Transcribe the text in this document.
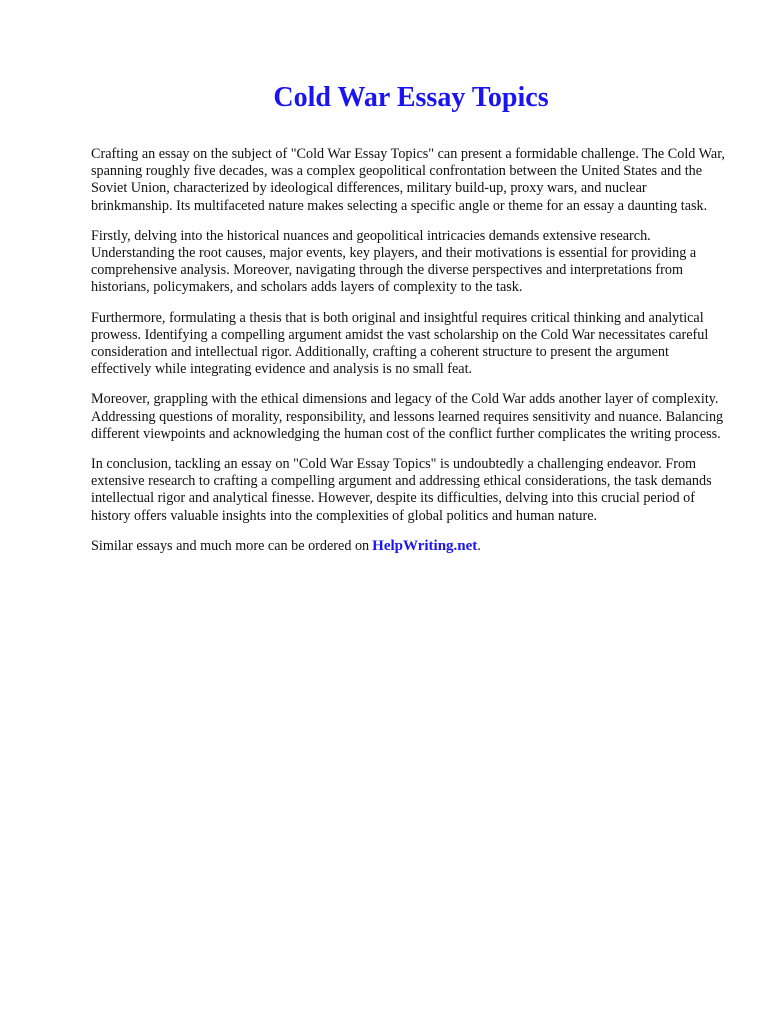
Cold War Essay Topics

Crafting an essay on the subject of "Cold War Essay Topics" can present a formidable challenge. The Cold War, spanning roughly five decades, was a complex geopolitical confrontation between the United States and the Soviet Union, characterized by ideological differences, military build-up, proxy wars, and nuclear brinkmanship. Its multifaceted nature makes selecting a specific angle or theme for an essay a daunting task.

Firstly, delving into the historical nuances and geopolitical intricacies demands extensive research. Understanding the root causes, major events, key players, and their motivations is essential for providing a comprehensive analysis. Moreover, navigating through the diverse perspectives and interpretations from historians, policymakers, and scholars adds layers of complexity to the task.

Furthermore, formulating a thesis that is both original and insightful requires critical thinking and analytical prowess. Identifying a compelling argument amidst the vast scholarship on the Cold War necessitates careful consideration and intellectual rigor. Additionally, crafting a coherent structure to present the argument effectively while integrating evidence and analysis is no small feat.

Moreover, grappling with the ethical dimensions and legacy of the Cold War adds another layer of complexity. Addressing questions of morality, responsibility, and lessons learned requires sensitivity and nuance. Balancing different viewpoints and acknowledging the human cost of the conflict further complicates the writing process.

In conclusion, tackling an essay on "Cold War Essay Topics" is undoubtedly a challenging endeavor. From extensive research to crafting a compelling argument and addressing ethical considerations, the task demands intellectual rigor and analytical finesse. However, despite its difficulties, delving into this crucial period of history offers valuable insights into the complexities of global politics and human nature.

Similar essays and much more can be ordered on HelpWriting.net.
